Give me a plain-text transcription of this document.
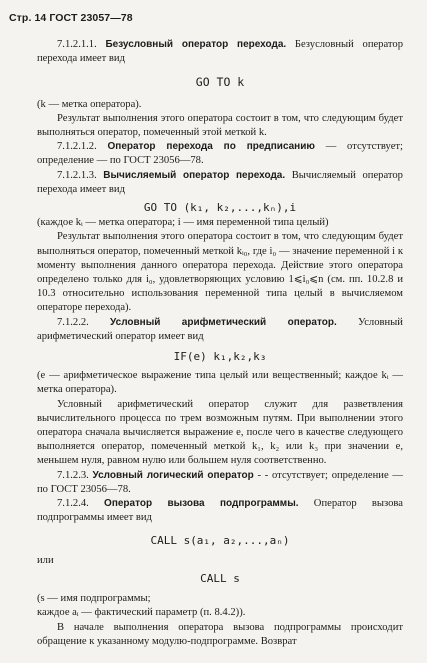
Стр. 14 ГОСТ 23057—78

7.1.2.1.1. Безусловный оператор перехода. Безусловный оператор перехода имеет вид

GO TO k

(k — метка оператора).

Результат выполнения этого оператора состоит в том, что следующим будет выполняться оператор, помеченный этой меткой k.

7.1.2.1.2. Оператор перехода по предписанию — отсутствует; определение — по ГОСТ 23056—78.

7.1.2.1.3. Вычисляемый оператор перехода. Вычисляемый оператор перехода имеет вид

GO TO (k₁, k₂,...,kₙ),i

(каждое kᵢ — метка оператора; i — имя переменной типа целый)

Результат выполнения этого оператора состоит в том, что следующим будет выполняться оператор, помеченный меткой kᵢ₀, где i₀ — значение переменной i к моменту выполнения данного оператора перехода. Действие этого оператора определено только для i₀, удовлетворяющих условию 1⩽i₀⩽n (см. пп. 10.2.8 и 10.3 относительно использования переменной типа целый в вычисляемом операторе перехода).

7.1.2.2. Условный арифметический оператор. Условный арифметический оператор имеет вид

IF(e) k₁,k₂,k₃

(e — арифметическое выражение типа целый или вещественный; каждое kᵢ — метка оператора).

Условный арифметический оператор служит для разветвления вычислительного процесса по трем возможным путям. При выполнении этого оператора сначала вычисляется выражение e, после чего в качестве следующего выполняется оператор, помеченный меткой k₁, k₂ или k₃ при значении e, меньшем нуля, равном нулю или большем нуля соответственно.

7.1.2.3. Условный логический оператор - - отсутствует; определение — по ГОСТ 23056—78.

7.1.2.4. Оператор вызова подпрограммы. Оператор вызова подпрограммы имеет вид

CALL s(a₁, a₂,...,aₙ)

или

CALL s

(s — имя подпрограммы;

каждое aᵢ — фактический параметр (п. 8.4.2)).

В начале выполнения оператора вызова подпрограммы происходит обращение к указанному модулю-подпрограмме. Возврат
